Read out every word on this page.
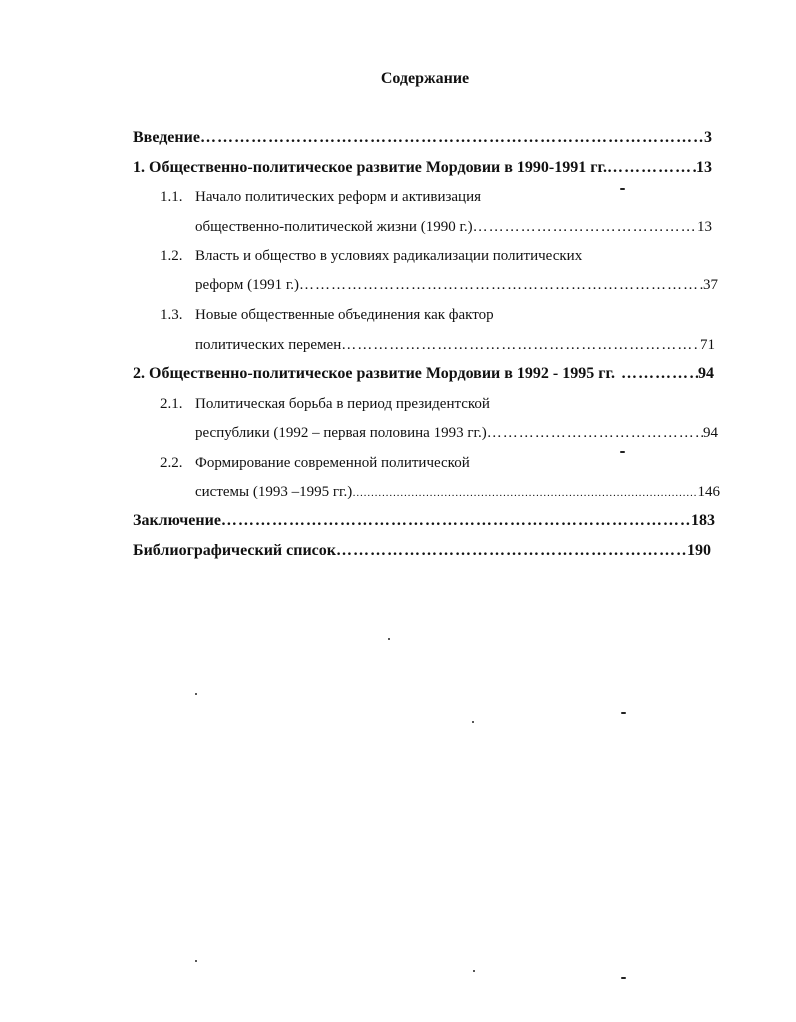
Содержание
Введение …………………………………………………………………………………………………………………………………………………………………………………………	3
1. Общественно-политическое развитие Мордовии в 1990-1991 гг. …………………………………………………………………………………………………………………………………………………………………………………………	13
1.1. Начало политических реформ и активизация
общественно-политической жизни (1990 г.) …………………………………………………………………………………………………………………………………………………………………………………………	13
1.2. Власть и общество в условиях радикализации политических
реформ (1991 г.) …………………………………………………………………………………………………………………………………………………………………………………………	37
1.3. Новые общественные объединения как фактор
политических перемен …………………………………………………………………………………………………………………………………………………………………………………………	71
2. Общественно-политическое развитие Мордовии в 1992 - 1995 гг. …………………………………………………………………………………………………………………………………………………………………………………………	94
2.1. Политическая борьба в период президентской
республики (1992 – первая половина 1993 гг.) …………………………………………………………………………………………………………………………………………………………………………………………	94
2.2. Формирование современной политической
системы (1993 –1995 гг.) …………………………………………………………………………………………………………………………………………………………………………………………	146
Заключение …………………………………………………………………………………………………………………………………………………………………………………………	183
Библиографический список …………………………………………………………………………………………………………………………………………………………………………………………	190
